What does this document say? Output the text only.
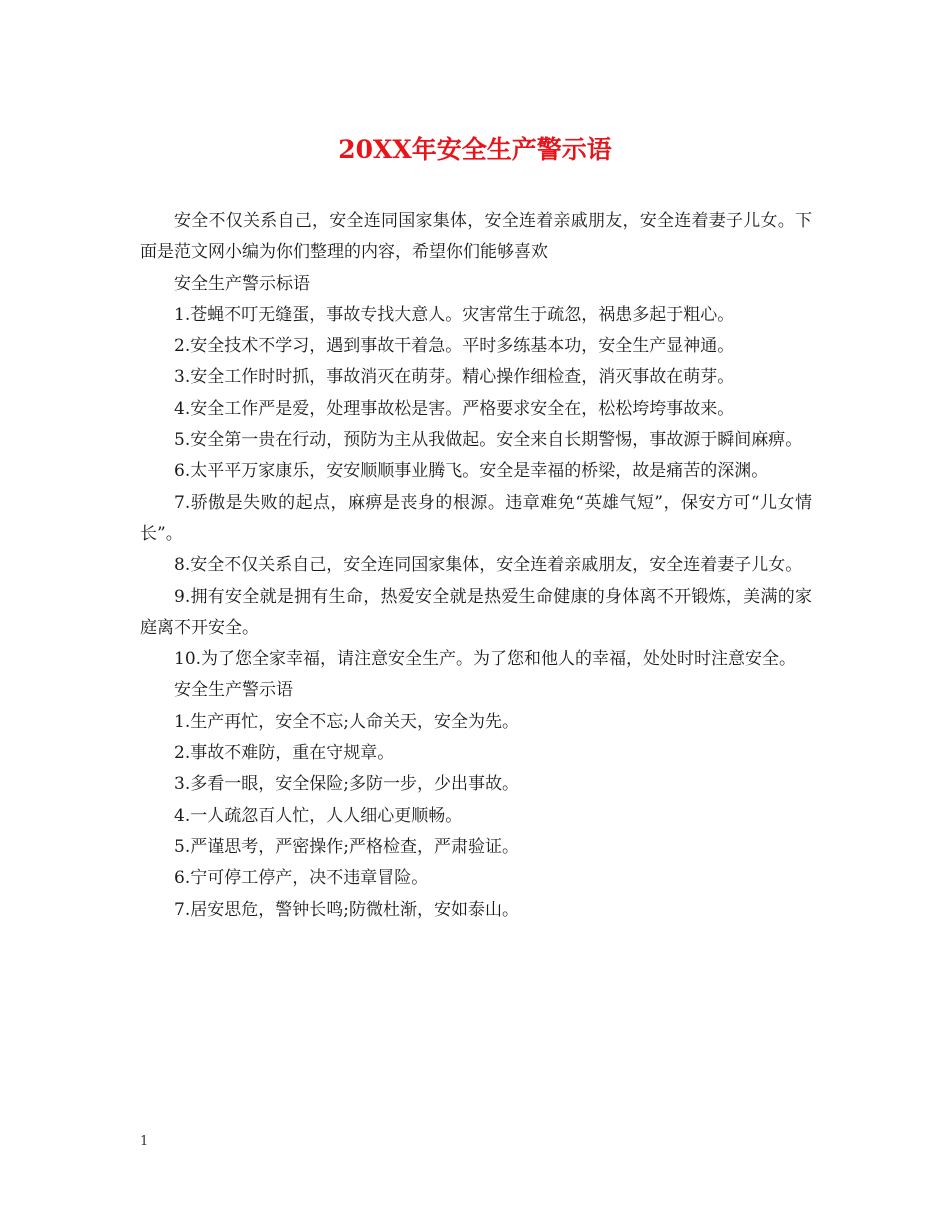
20XX年安全生产警示语

安全不仅关系自己，安全连同国家集体，安全连着亲戚朋友，安全连着妻子儿女。下面是范文网小编为你们整理的内容，希望你们能够喜欢

安全生产警示标语

1.苍蝇不叮无缝蛋，事故专找大意人。灾害常生于疏忽，祸患多起于粗心。

2.安全技术不学习，遇到事故干着急。平时多练基本功，安全生产显神通。

3.安全工作时时抓，事故消灭在萌芽。精心操作细检查，消灭事故在萌芽。

4.安全工作严是爱，处理事故松是害。严格要求安全在，松松垮垮事故来。

5.安全第一贵在行动，预防为主从我做起。安全来自长期警惕，事故源于瞬间麻痹。

6.太平平万家康乐，安安顺顺事业腾飞。安全是幸福的桥梁，故是痛苦的深渊。

7.骄傲是失败的起点，麻痹是丧身的根源。违章难免“英雄气短”，保安方可“儿女情长”。

8.安全不仅关系自己，安全连同国家集体，安全连着亲戚朋友，安全连着妻子儿女。

9.拥有安全就是拥有生命，热爱安全就是热爱生命健康的身体离不开锻炼，美满的家庭离不开安全。

10.为了您全家幸福，请注意安全生产。为了您和他人的幸福，处处时时注意安全。

安全生产警示语

1.生产再忙，安全不忘;人命关天，安全为先。

2.事故不难防，重在守规章。

3.多看一眼，安全保险;多防一步，少出事故。

4.一人疏忽百人忙，人人细心更顺畅。

5.严谨思考，严密操作;严格检查，严肃验证。

6.宁可停工停产，决不违章冒险。

7.居安思危，警钟长鸣;防微杜渐，安如泰山。

1
